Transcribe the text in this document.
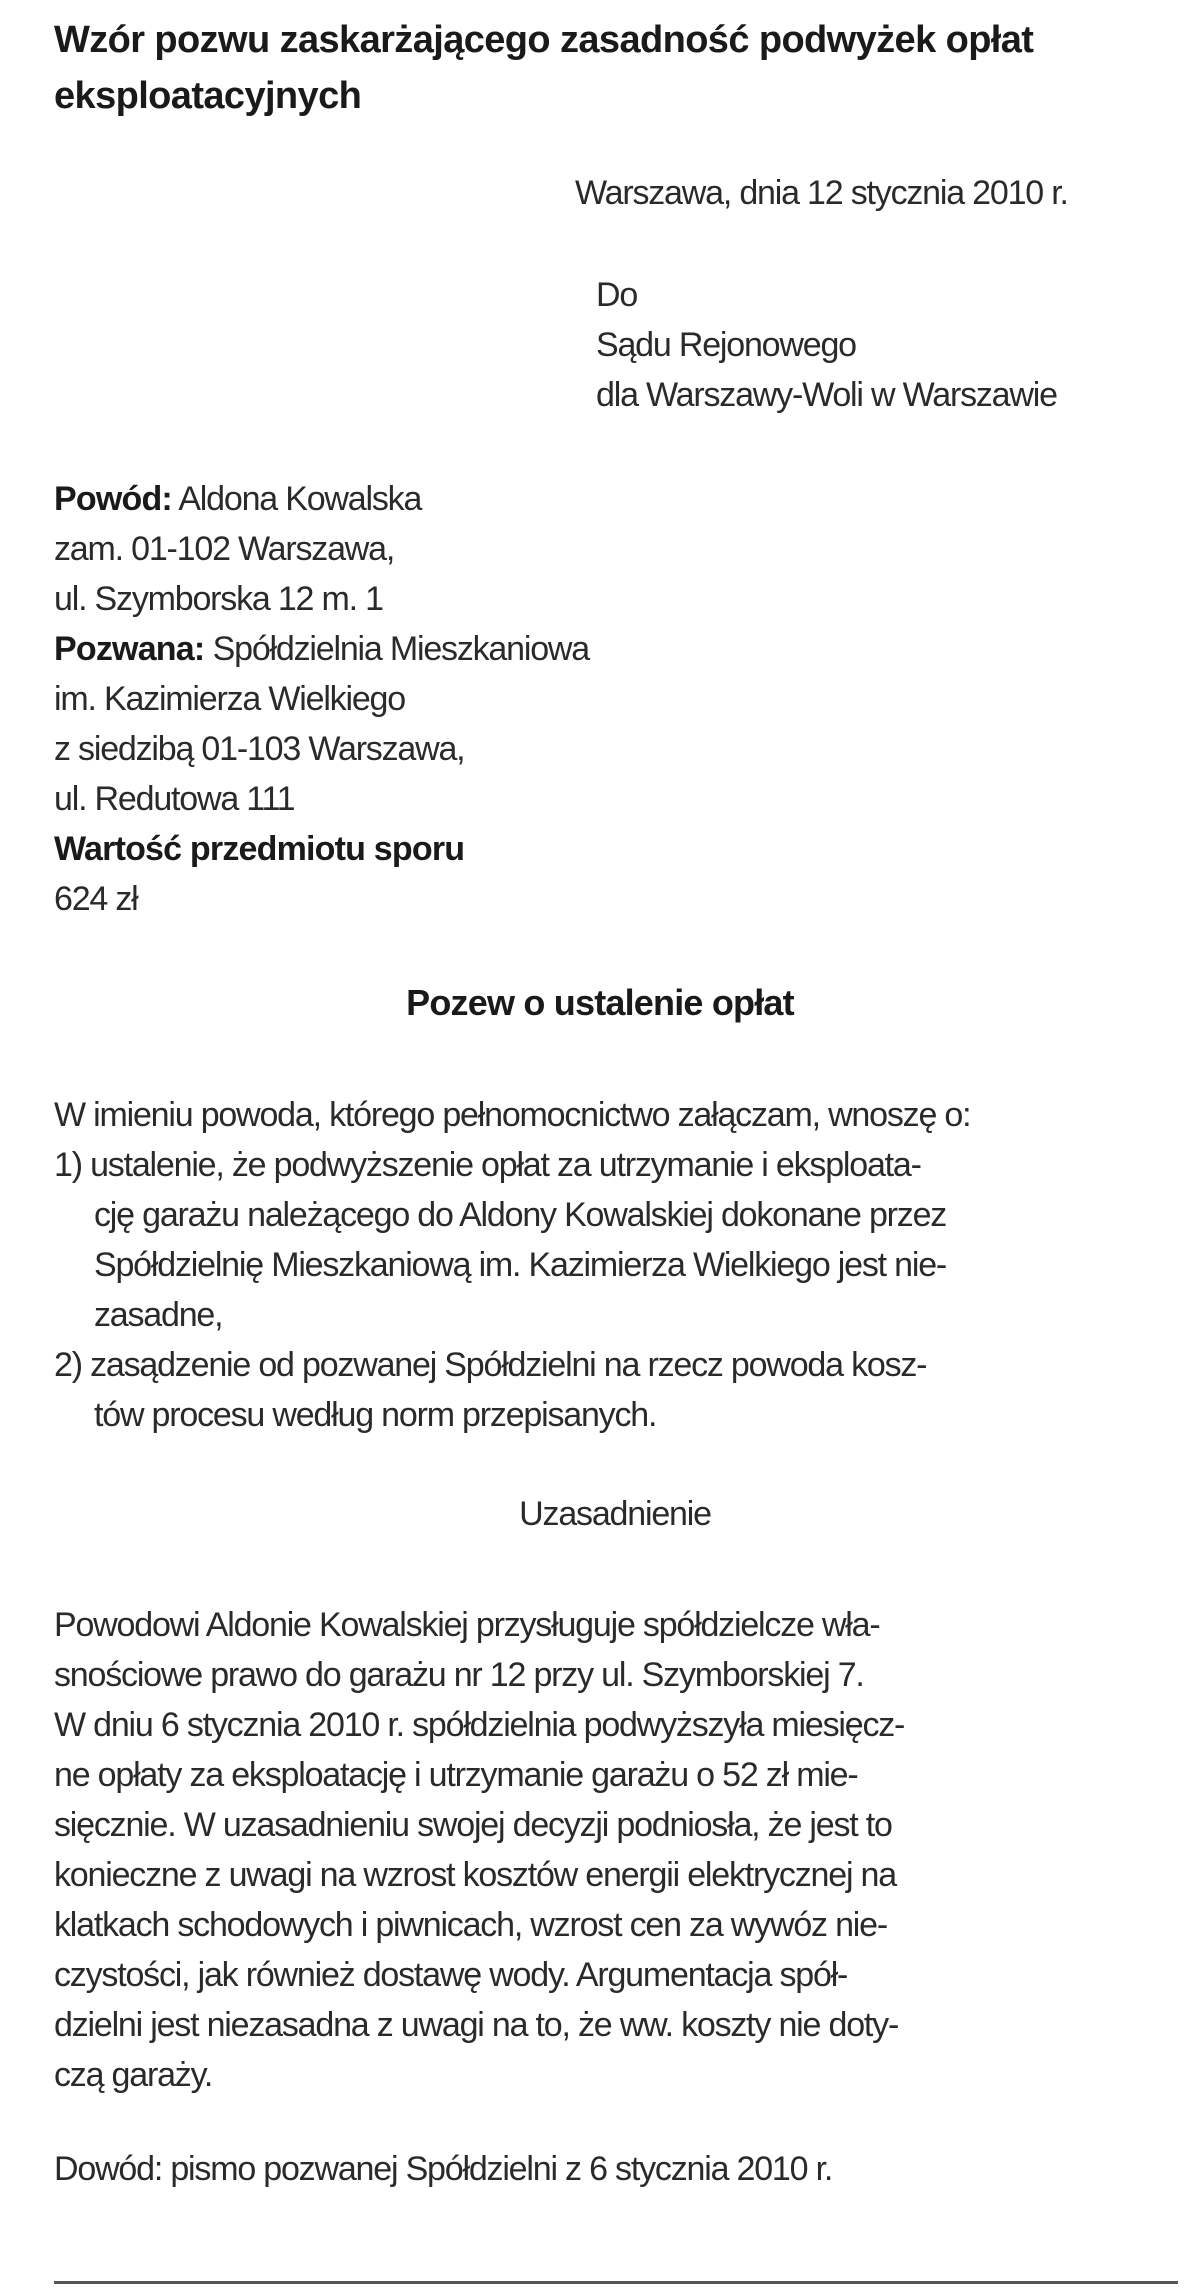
Wzór pozwu zaskarżającego zasadność podwyżek opłat
eksploatacyjnych
Warszawa, dnia 12 stycznia 2010 r.
Do
Sądu Rejonowego
dla Warszawy-Woli w Warszawie
Powód: Aldona Kowalska
zam. 01-102 Warszawa,
ul. Szymborska 12 m. 1
Pozwana: Spółdzielnia Mieszkaniowa
im. Kazimierza Wielkiego
z siedzibą 01-103 Warszawa,
ul. Redutowa 111
Wartość przedmiotu sporu
624 zł
Pozew o ustalenie opłat
W imieniu powoda, którego pełnomocnictwo załączam, wnoszę o:
1) ustalenie, że podwyższenie opłat za utrzymanie i eksploata-
cję garażu należącego do Aldony Kowalskiej dokonane przez
Spółdzielnię Mieszkaniową im. Kazimierza Wielkiego jest nie-
zasadne,
2) zasądzenie od pozwanej Spółdzielni na rzecz powoda kosz-
tów procesu według norm przepisanych.
Uzasadnienie
Powodowi Aldonie Kowalskiej przysługuje spółdzielcze wła-
snościowe prawo do garażu nr 12 przy ul. Szymborskiej 7.
W dniu 6 stycznia 2010 r. spółdzielnia podwyższyła miesięcz-
ne opłaty za eksploatację i utrzymanie garażu o 52 zł mie-
sięcznie. W uzasadnieniu swojej decyzji podniosła, że jest to
konieczne z uwagi na wzrost kosztów energii elektrycznej na
klatkach schodowych i piwnicach, wzrost cen za wywóz nie-
czystości, jak również dostawę wody. Argumentacja spół-
dzielni jest niezasadna z uwagi na to, że ww. koszty nie doty-
czą garaży.
Dowód: pismo pozwanej Spółdzielni z 6 stycznia 2010 r.
